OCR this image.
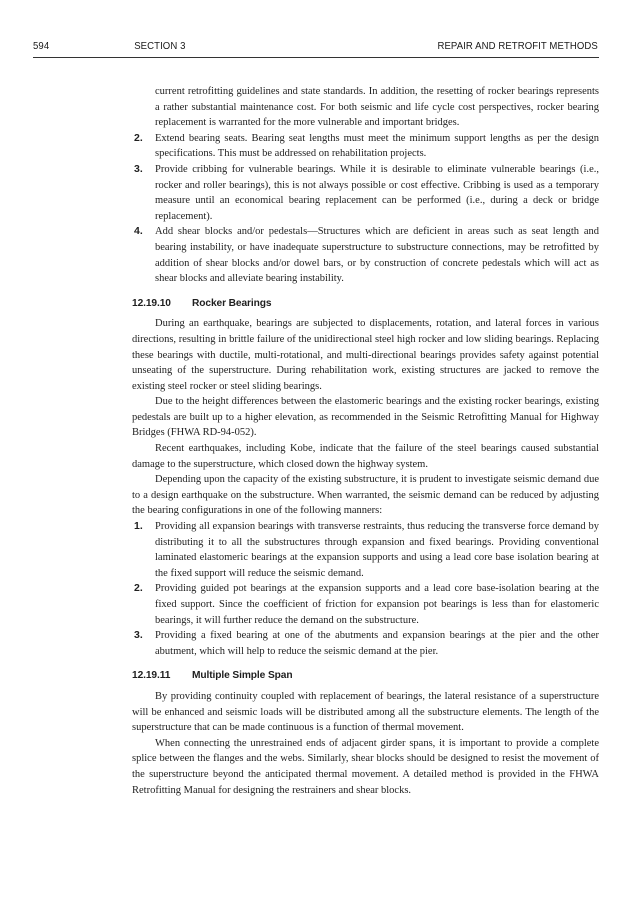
594	SECTION 3	REPAIR AND RETROFIT METHODS

current retrofitting guidelines and state standards. In addition, the resetting of rocker bearings represents a rather substantial maintenance cost. For both seismic and life cycle cost perspectives, rocker bearing replacement is warranted for the more vulnerable and important bridges.

2. Extend bearing seats. Bearing seat lengths must meet the minimum support lengths as per the design specifications. This must be addressed on rehabilitation projects.

3. Provide cribbing for vulnerable bearings. While it is desirable to eliminate vulnerable bearings (i.e., rocker and roller bearings), this is not always possible or cost effective. Cribbing is used as a temporary measure until an economical bearing replacement can be performed (i.e., during a deck or bridge replacement).

4. Add shear blocks and/or pedestals—Structures which are deficient in areas such as seat length and bearing instability, or have inadequate superstructure to substructure connections, may be retrofitted by addition of shear blocks and/or dowel bars, or by construction of concrete pedestals which will act as shear blocks and alleviate bearing instability.

12.19.10 Rocker Bearings

During an earthquake, bearings are subjected to displacements, rotation, and lateral forces in various directions, resulting in brittle failure of the unidirectional steel high rocker and low sliding bearings. Replacing these bearings with ductile, multi-rotational, and multi-directional bearings provides safety against potential unseating of the superstructure. During rehabilitation work, existing structures are jacked to remove the existing steel rocker or steel sliding bearings.

Due to the height differences between the elastomeric bearings and the existing rocker bearings, existing pedestals are built up to a higher elevation, as recommended in the Seismic Retrofitting Manual for Highway Bridges (FHWA RD-94-052).

Recent earthquakes, including Kobe, indicate that the failure of the steel bearings caused substantial damage to the superstructure, which closed down the highway system.

Depending upon the capacity of the existing substructure, it is prudent to investigate seismic demand due to a design earthquake on the substructure. When warranted, the seismic demand can be reduced by adjusting the bearing configurations in one of the following manners:

1. Providing all expansion bearings with transverse restraints, thus reducing the transverse force demand by distributing it to all the substructures through expansion and fixed bearings. Providing conventional laminated elastomeric bearings at the expansion supports and using a lead core base isolation bearing at the fixed support will reduce the seismic demand.

2. Providing guided pot bearings at the expansion supports and a lead core base-isolation bearing at the fixed support. Since the coefficient of friction for expansion pot bearings is less than for elastomeric bearings, it will further reduce the demand on the substructure.

3. Providing a fixed bearing at one of the abutments and expansion bearings at the pier and the other abutment, which will help to reduce the seismic demand at the pier.

12.19.11 Multiple Simple Span

By providing continuity coupled with replacement of bearings, the lateral resistance of a superstructure will be enhanced and seismic loads will be distributed among all the substructure elements. The length of the superstructure that can be made continuous is a function of thermal movement.

When connecting the unrestrained ends of adjacent girder spans, it is important to provide a complete splice between the flanges and the webs. Similarly, shear blocks should be designed to resist the movement of the superstructure beyond the anticipated thermal movement. A detailed method is provided in the FHWA Retrofitting Manual for designing the restrainers and shear blocks.
